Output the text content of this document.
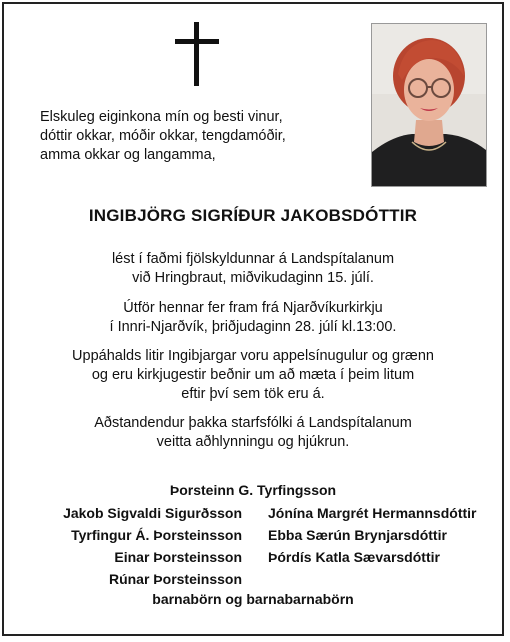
Elskuleg eiginkona mín og besti vinur,
dóttir okkar, móðir okkar, tengdamóðir,
amma okkar og langamma,
INGIBJÖRG SIGRÍÐUR JAKOBSDÓTTIR
lést í faðmi fjölskyldunnar á Landspítalanum
við Hringbraut, miðvikudaginn 15. júlí.
Útför hennar fer fram frá Njarðvíkurkirkju
í Innri-Njarðvík, þriðjudaginn 28. júlí kl.13:00.
Uppáhalds litir Ingibjargar voru appelsínugulur og grænn
og eru kirkjugestir beðnir um að mæta í þeim litum
eftir því sem tök eru á.
Aðstandendur þakka starfsfólki á Landspítalanum
veitta aðhlynningu og hjúkrun.
Þorsteinn G. Tyrfingsson
Jakob Sigvaldi Sigurðsson
Tyrfingur Á. Þorsteinsson
Einar Þorsteinsson
Rúnar Þorsteinsson
Jónína Margrét Hermannsdóttir
Ebba Særún Brynjarsdóttir
Þórdís Katla Sævarsdóttir
barnabörn og barnabarnabörn
